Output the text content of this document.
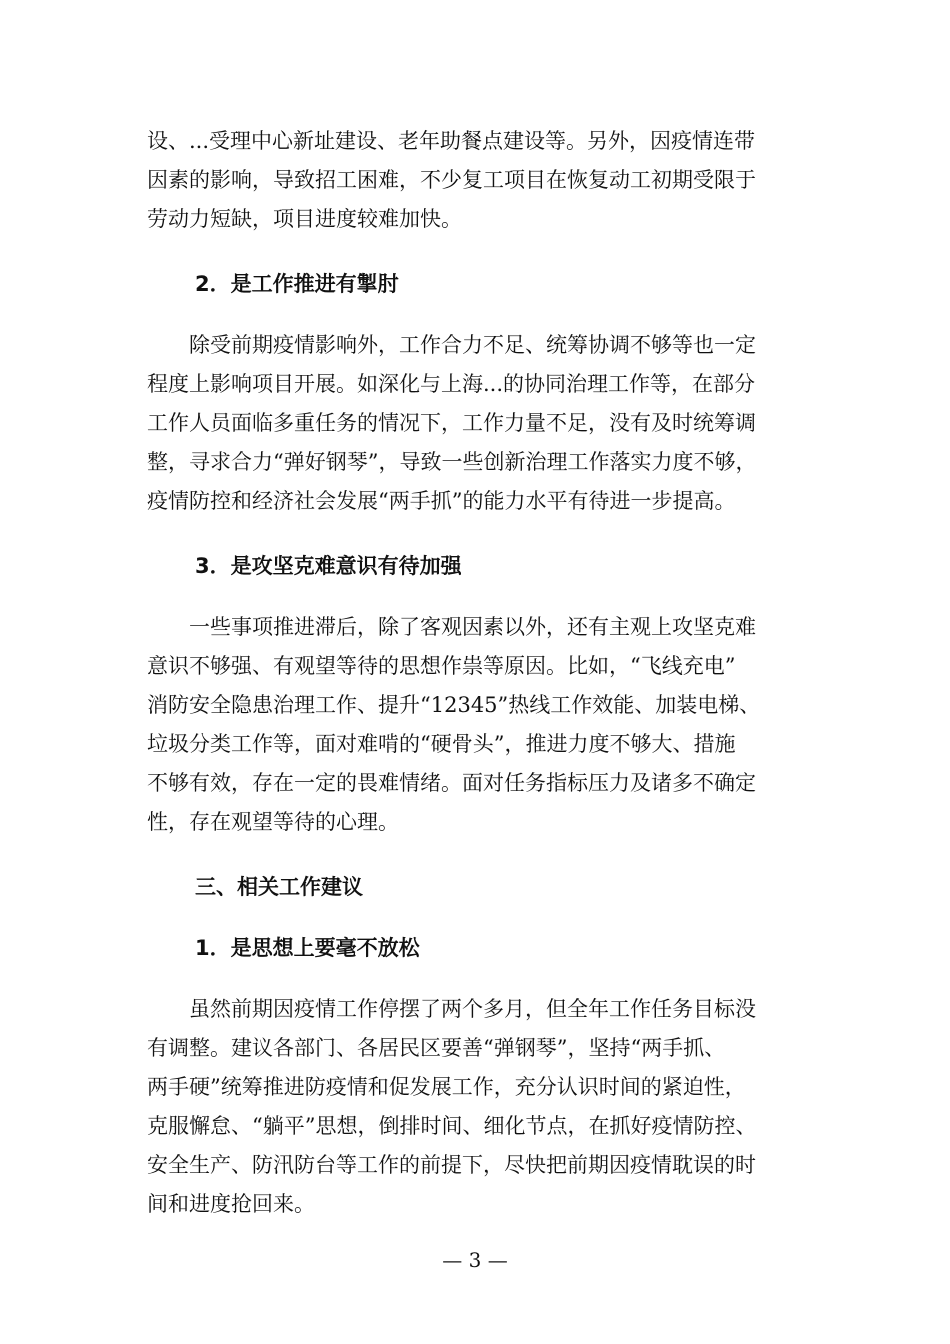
设、...受理中心新址建设、老年助餐点建设等。另外，因疫情连带
因素的影响，导致招工困难，不少复工项目在恢复动工初期受限于
劳动力短缺，项目进度较难加快。

2．是工作推进有掣肘

除受前期疫情影响外，工作合力不足、统筹协调不够等也一定
程度上影响项目开展。如深化与上海...的协同治理工作等，在部分
工作人员面临多重任务的情况下，工作力量不足，没有及时统筹调
整，寻求合力“弹好钢琴”，导致一些创新治理工作落实力度不够，
疫情防控和经济社会发展“两手抓”的能力水平有待进一步提高。

3．是攻坚克难意识有待加强

一些事项推进滞后，除了客观因素以外，还有主观上攻坚克难
意识不够强、有观望等待的思想作祟等原因。比如，“飞线充电”
消防安全隐患治理工作、提升“12345”热线工作效能、加装电梯、
垃圾分类工作等，面对难啃的“硬骨头”，推进力度不够大、措施
不够有效，存在一定的畏难情绪。面对任务指标压力及诸多不确定
性，存在观望等待的心理。

三、相关工作建议
1．是思想上要毫不放松

虽然前期因疫情工作停摆了两个多月，但全年工作任务目标没
有调整。建议各部门、各居民区要善“弹钢琴”，坚持“两手抓、
两手硬”统筹推进防疫情和促发展工作，充分认识时间的紧迫性，
克服懈怠、“躺平”思想，倒排时间、细化节点，在抓好疫情防控、
安全生产、防汛防台等工作的前提下，尽快把前期因疫情耽误的时
间和进度抢回来。

— 3 —
